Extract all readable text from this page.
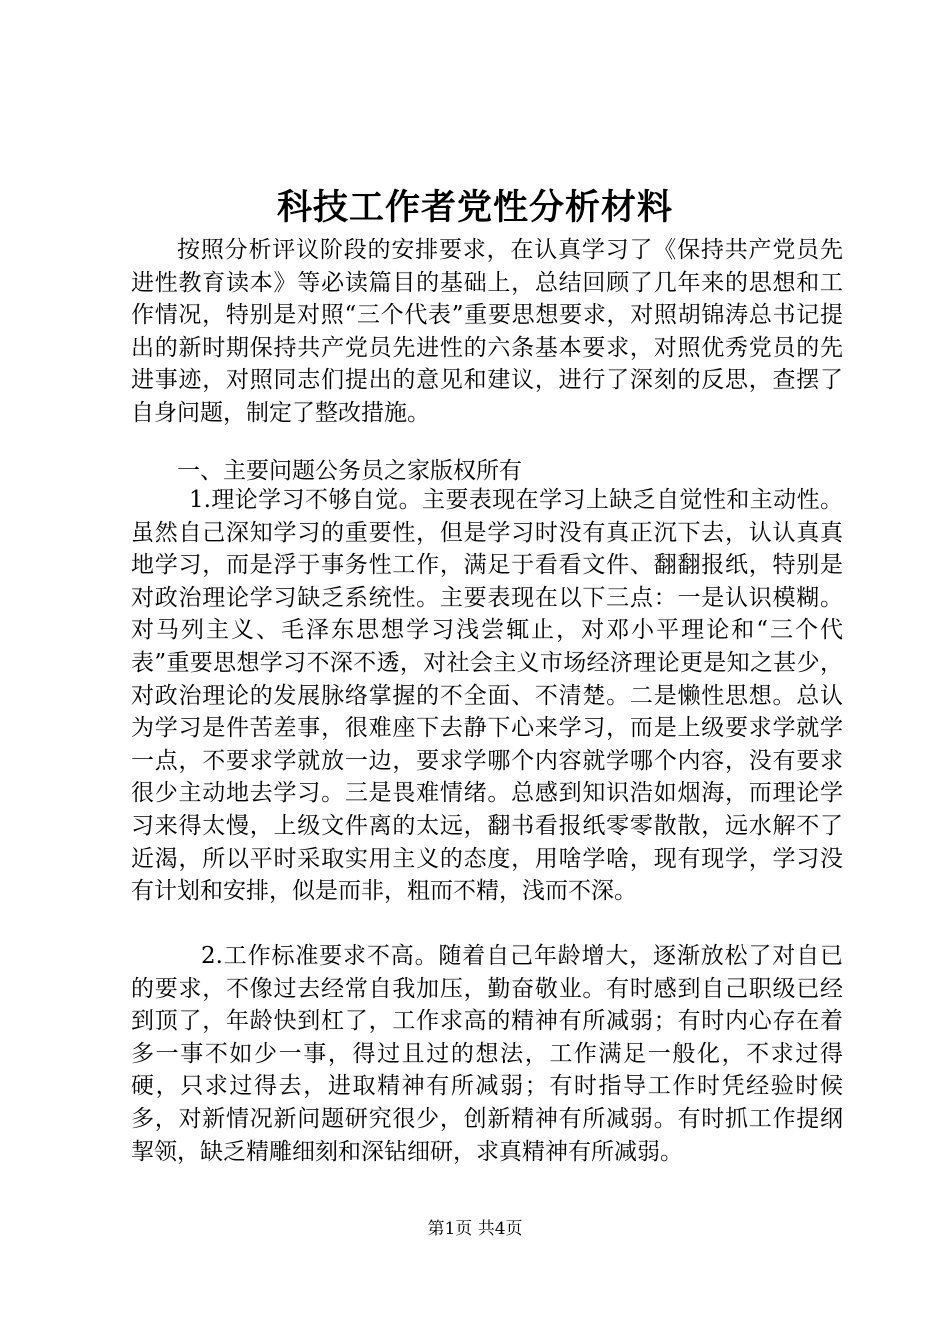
科技工作者党性分析材料

按照分析评议阶段的安排要求，在认真学习了《保持共产党员先进性教育读本》等必读篇目的基础上，总结回顾了几年来的思想和工作情况，特别是对照“三个代表”重要思想要求，对照胡锦涛总书记提出的新时期保持共产党员先进性的六条基本要求，对照优秀党员的先进事迹，对照同志们提出的意见和建议，进行了深刻的反思，查摆了自身问题，制定了整改措施。

一、主要问题公务员之家版权所有

1.理论学习不够自觉。主要表现在学习上缺乏自觉性和主动性。虽然自己深知学习的重要性，但是学习时没有真正沉下去，认认真真地学习，而是浮于事务性工作，满足于看看文件、翻翻报纸，特别是对政治理论学习缺乏系统性。主要表现在以下三点：一是认识模糊。对马列主义、毛泽东思想学习浅尝辄止，对邓小平理论和“三个代表”重要思想学习不深不透，对社会主义市场经济理论更是知之甚少，对政治理论的发展脉络掌握的不全面、不清楚。二是懒性思想。总认为学习是件苦差事，很难座下去静下心来学习，而是上级要求学就学一点，不要求学就放一边，要求学哪个内容就学哪个内容，没有要求很少主动地去学习。三是畏难情绪。总感到知识浩如烟海，而理论学习来得太慢，上级文件离的太远，翻书看报纸零零散散，远水解不了近渴，所以平时采取实用主义的态度，用啥学啥，现有现学，学习没有计划和安排，似是而非，粗而不精，浅而不深。

2.工作标准要求不高。随着自己年龄增大，逐渐放松了对自已的要求，不像过去经常自我加压，勤奋敬业。有时感到自己职级已经到顶了，年龄快到杠了，工作求高的精神有所减弱；有时内心存在着多一事不如少一事，得过且过的想法，工作满足一般化，不求过得硬，只求过得去，进取精神有所减弱；有时指导工作时凭经验时候多，对新情况新问题研究很少，创新精神有所减弱。有时抓工作提纲挈领，缺乏精雕细刻和深钻细研，求真精神有所减弱。

第1页 共4页
